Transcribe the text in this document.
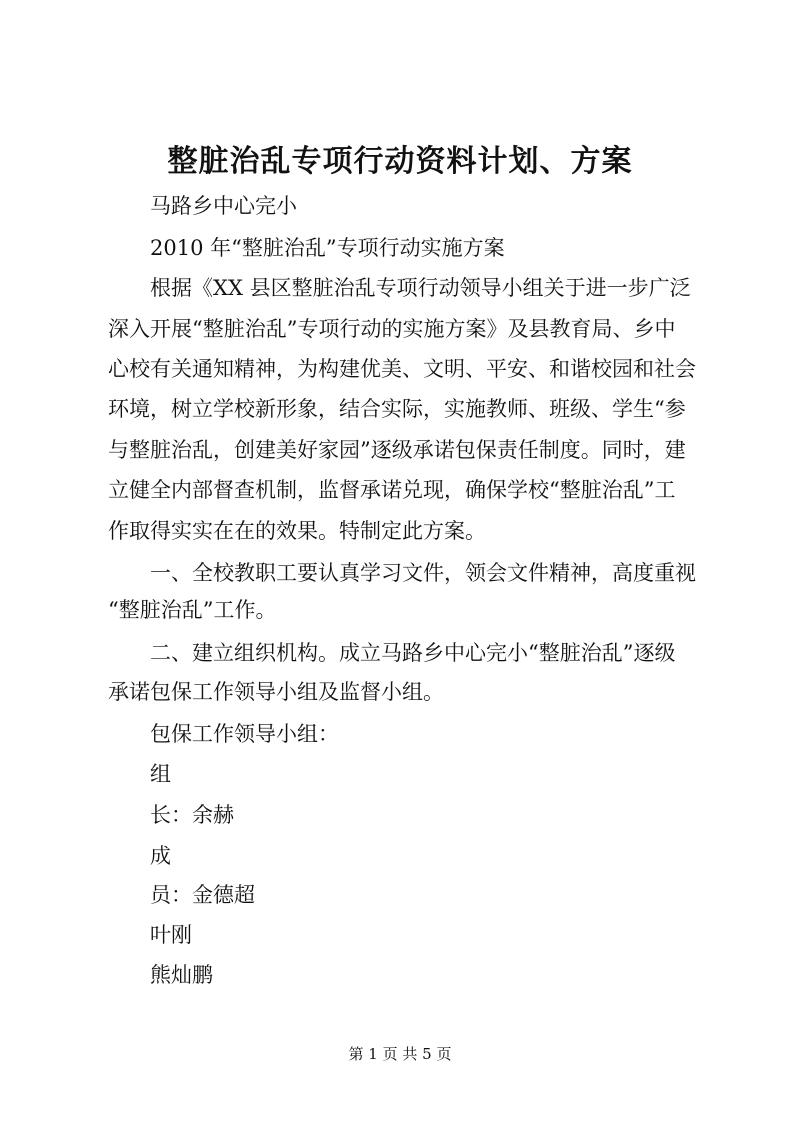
整脏治乱专项行动资料计划、方案
马路乡中心完小
2010 年“整脏治乱”专项行动实施方案
根据《XX 县区整脏治乱专项行动领导小组关于进一步广泛
深入开展“整脏治乱”专项行动的实施方案》及县教育局、乡中
心校有关通知精神，为构建优美、文明、平安、和谐校园和社会
环境，树立学校新形象，结合实际，实施教师、班级、学生“参
与整脏治乱，创建美好家园”逐级承诺包保责任制度。同时，建
立健全内部督查机制，监督承诺兑现，确保学校“整脏治乱”工
作取得实实在在的效果。特制定此方案。
一、全校教职工要认真学习文件，领会文件精神，高度重视
“整脏治乱”工作。
二、建立组织机构。成立马路乡中心完小“整脏治乱”逐级
承诺包保工作领导小组及监督小组。
包保工作领导小组：
组
长：余赫
成
员：金德超
叶刚
熊灿鹏
第 1 页 共 5 页
